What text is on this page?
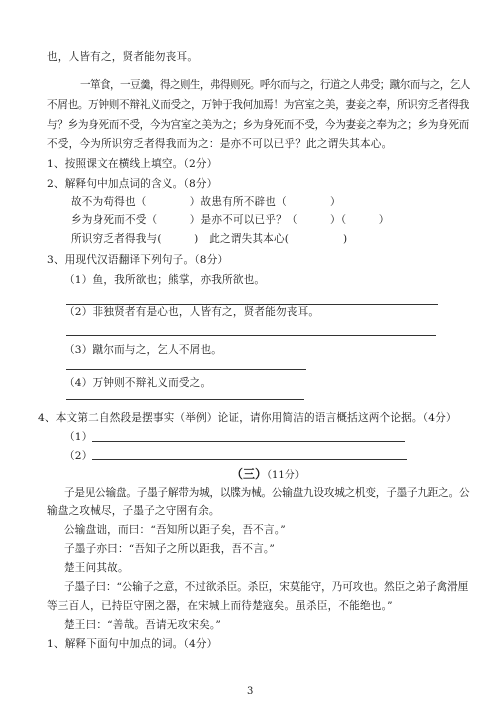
也，人皆有之，贤者能勿丧耳。
一箪食，一豆羹，得之则生，弗得则死。呼尔而与之，行道之人弗受；蹴尔而与之，乞人
不屑也。万钟则不辩礼义而受之，万钟于我何加焉！为宫室之美，妻妾之奉，所识穷乏者得我
与？乡为身死而不受，今为宫室之美为之；乡为身死而不受，今为妻妾之奉为之；乡为身死而
不受，今为所识穷乏者得我而为之：是亦不可以已乎？此之谓失其本心。
1、按照课文在横线上填空。（2分）
2、解释句中加点词的含义。（8分）
故不为苟得也（　　　　）故患有所不辟也（　　　　）
乡为身死而不受（　　　）是亦不可以已乎？（　　　）（　　　）
所识穷乏者得我与(　　　)　此之谓失其本心(　　　　　)
3、用现代汉语翻译下列句子。（8分）
（1）鱼，我所欲也；熊掌，亦我所欲也。
（2）非独贤者有是心也，人皆有之，贤者能勿丧耳。
（3）蹴尔而与之，乞人不屑也。
（4）万钟则不辩礼义而受之。
4、本文第二自然段是摆事实（举例）论证，请你用简洁的语言概括这两个论据。（4分）
（1）
（2）
（三）（11分）
子是见公输盘。子墨子解带为城，以牒为械。公输盘九设攻城之机变，子墨子九距之。公
输盘之攻械尽，子墨子之守圉有余。
公输盘诎，而曰：“吾知所以距子矣，吾不言。”
子墨子亦曰：“吾知子之所以距我，吾不言。”
楚王问其故。
子墨子曰：“公输子之意，不过欲杀臣。杀臣，宋莫能守，乃可攻也。然臣之弟子禽滑厘
等三百人，已持臣守圉之器，在宋城上而待楚寇矣。虽杀臣，不能绝也。”
楚王曰：“善哉。吾请无攻宋矣。”
1、解释下面句中加点的词。（4分）
3
